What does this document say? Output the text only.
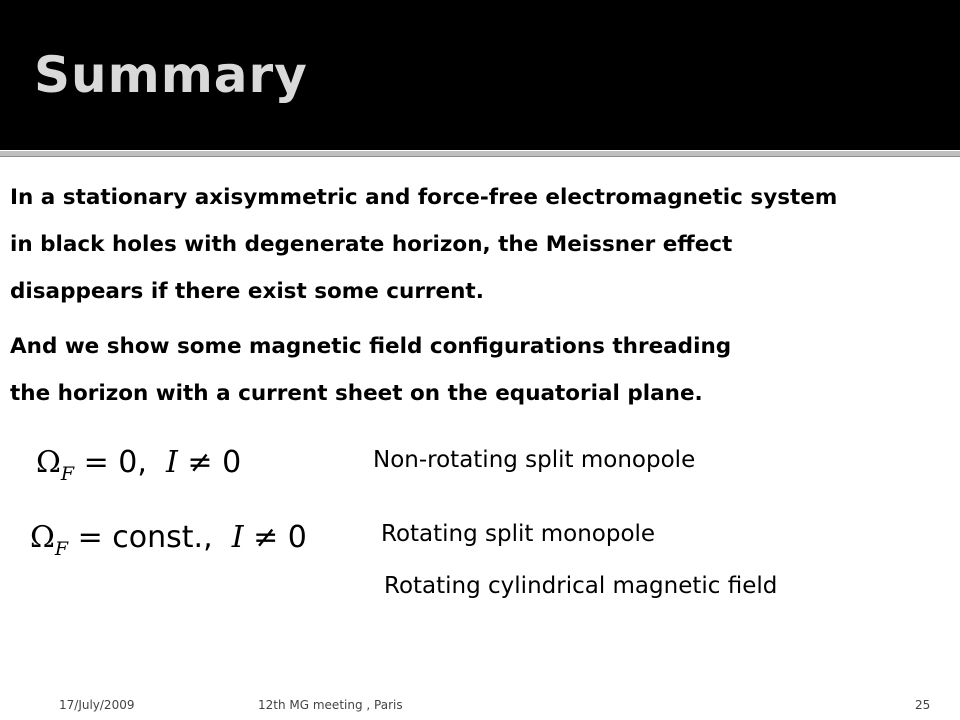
Summary
In a stationary axisymmetric and force-free electromagnetic system
in black holes with degenerate horizon, the Meissner effect
disappears if there exist some current.
And we show some magnetic field configurations threading
the horizon with a current sheet on the equatorial plane.
$\Omega_F = 0$, I ≠ 0	Non-rotating split monopole
$\Omega_F$ = const., I ≠ 0	Rotating split monopole
Rotating cylindrical magnetic field
17/July/2009	12th MG meeting , Paris	25
